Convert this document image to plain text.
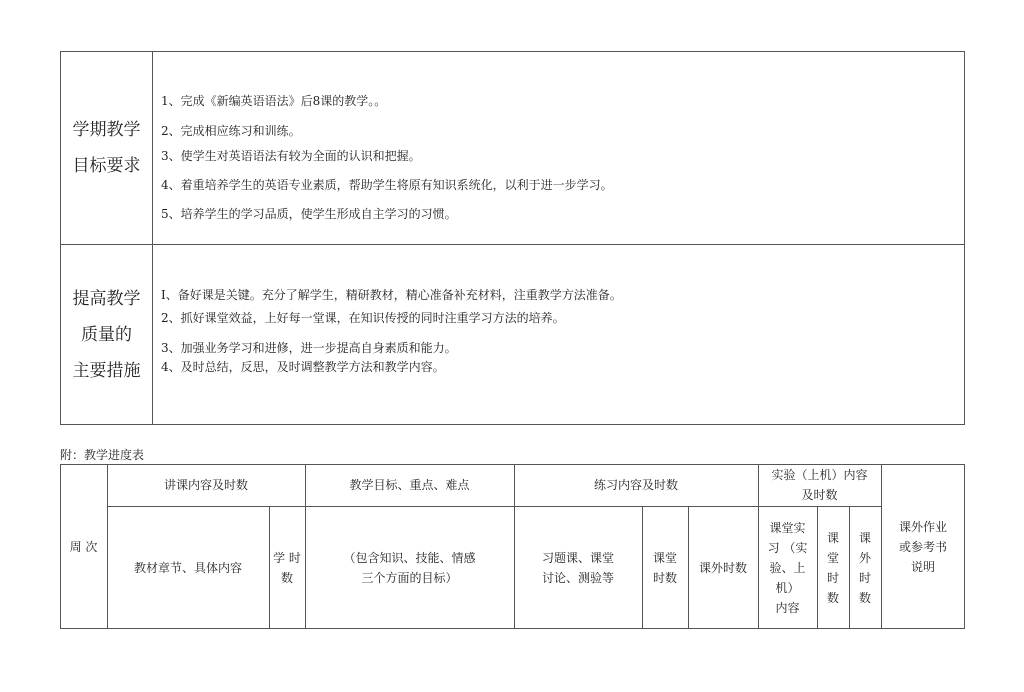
学期教学
目标要求
1、完成《新编英语语法》后8课的教学。。
2、完成相应练习和训练。
3、使学生对英语语法有较为全面的认识和把握。
4、着重培养学生的英语专业素质，帮助学生将原有知识系统化，以利于进一步学习。
5、培养学生的学习品质，使学生形成自主学习的习惯。
提高教学
质量的
主要措施
I、备好课是关键。充分了解学生，精研教材，精心准备补充材料，注重教学方法准备。
2、抓好课堂效益，上好每一堂课，在知识传授的同时注重学习方法的培养。
3、加强业务学习和进修，进一步提高自身素质和能力。
4、及时总结，反思，及时调整教学方法和教学内容。
附：教学进度表
周 次
讲课内容及时数	教学目标、重点、难点	练习内容及时数
实验（上机）内容
及时数
课外作业
或参考书
说明
教材章节、具体内容
学 时
数
（包含知识、技能、情感
三个方面的目标）
习题课、课堂
讨论、测验等
课堂
时数
课外时数
课堂实
习 （实
验、上
机）
内容
课
堂
时
数
课
外
时
数
